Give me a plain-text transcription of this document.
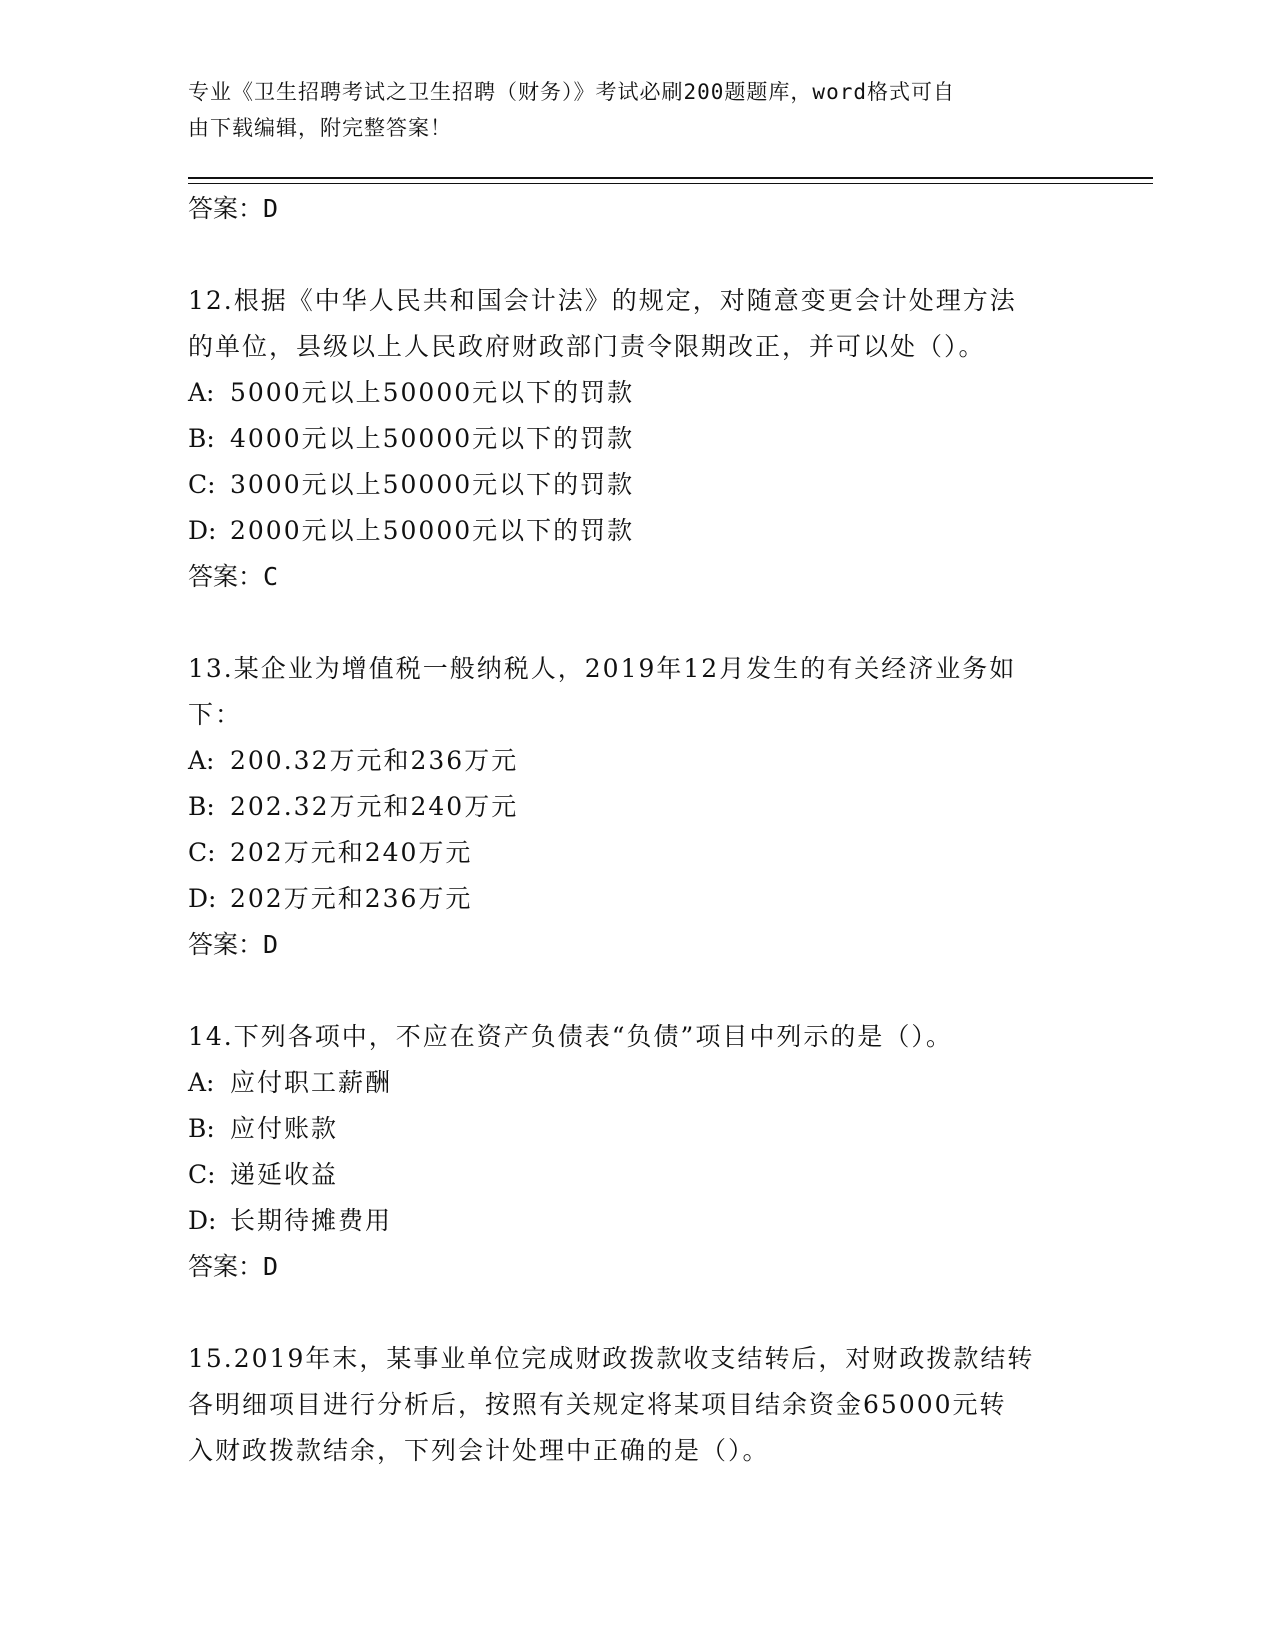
专业《卫生招聘考试之卫生招聘（财务）》考试必刷200题题库，word格式可自
由下载编辑，附完整答案！
答案：D
12.根据《中华人民共和国会计法》的规定，对随意变更会计处理方法
的单位，县级以上人民政府财政部门责令限期改正，并可以处（）。
A: 5000元以上50000元以下的罚款
B: 4000元以上50000元以下的罚款
C: 3000元以上50000元以下的罚款
D: 2000元以上50000元以下的罚款
答案：C
13.某企业为增值税一般纳税人，2019年12月发生的有关经济业务如
下：
A: 200.32万元和236万元
B: 202.32万元和240万元
C: 202万元和240万元
D: 202万元和236万元
答案：D
14.下列各项中，不应在资产负债表“负债”项目中列示的是（）。
A: 应付职工薪酬
B: 应付账款
C: 递延收益
D: 长期待摊费用
答案：D
15.2019年末，某事业单位完成财政拨款收支结转后，对财政拨款结转
各明细项目进行分析后，按照有关规定将某项目结余资金65000元转
入财政拨款结余，下列会计处理中正确的是（）。
